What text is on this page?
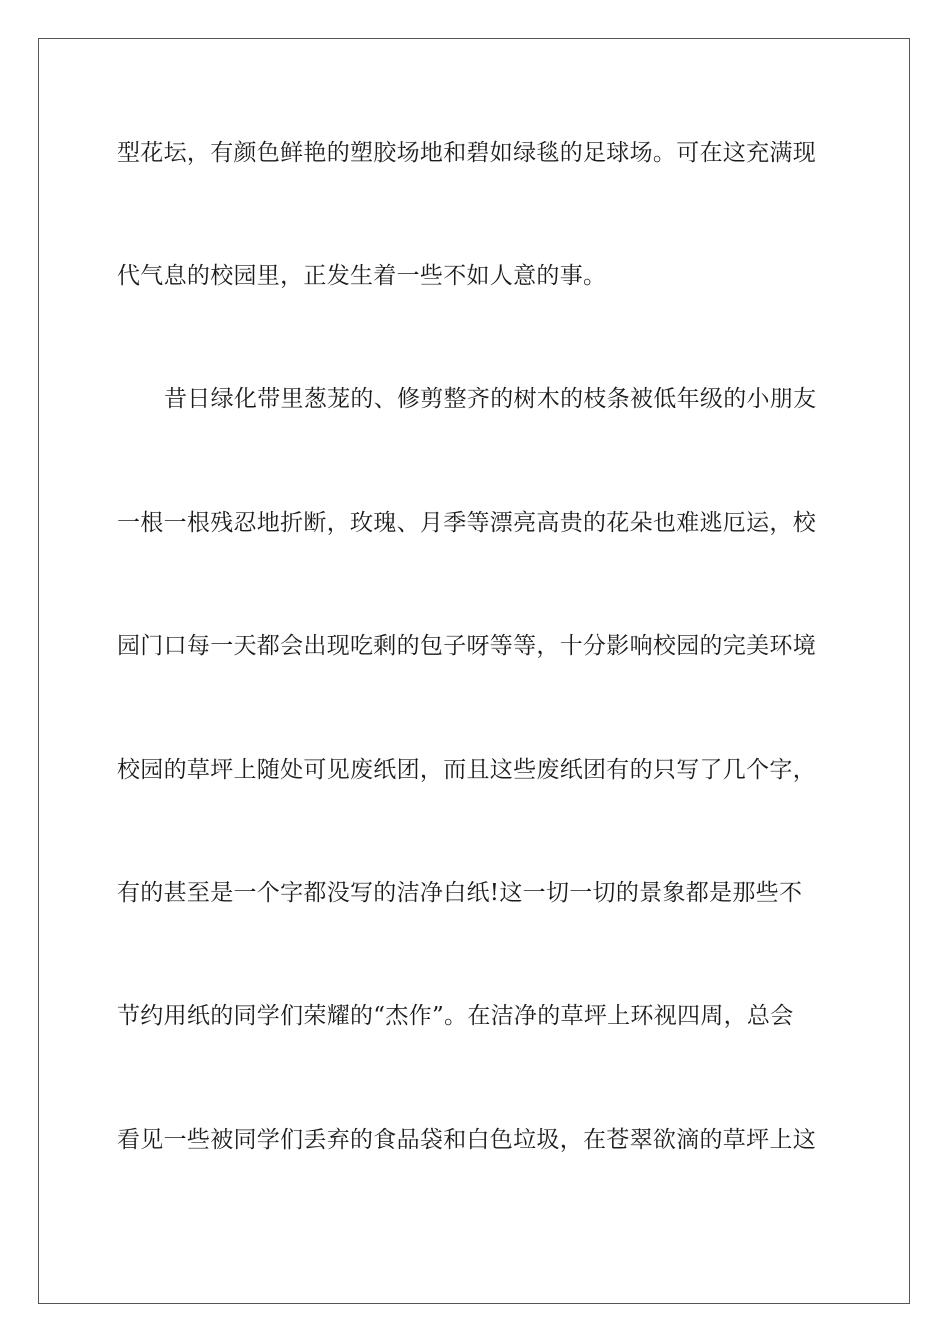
型花坛，有颜色鲜艳的塑胶场地和碧如绿毯的足球场。可在这充满现
代气息的校园里，正发生着一些不如人意的事。
昔日绿化带里葱茏的、修剪整齐的树木的枝条被低年级的小朋友
一根一根残忍地折断，玫瑰、月季等漂亮高贵的花朵也难逃厄运，校
园门口每一天都会出现吃剩的包子呀等等，十分影响校园的完美环境
校园的草坪上随处可见废纸团，而且这些废纸团有的只写了几个字，
有的甚至是一个字都没写的洁净白纸!这一切一切的景象都是那些不
节约用纸的同学们荣耀的“杰作”。在洁净的草坪上环视四周，总会
看见一些被同学们丢弃的食品袋和白色垃圾，在苍翠欲滴的草坪上这
